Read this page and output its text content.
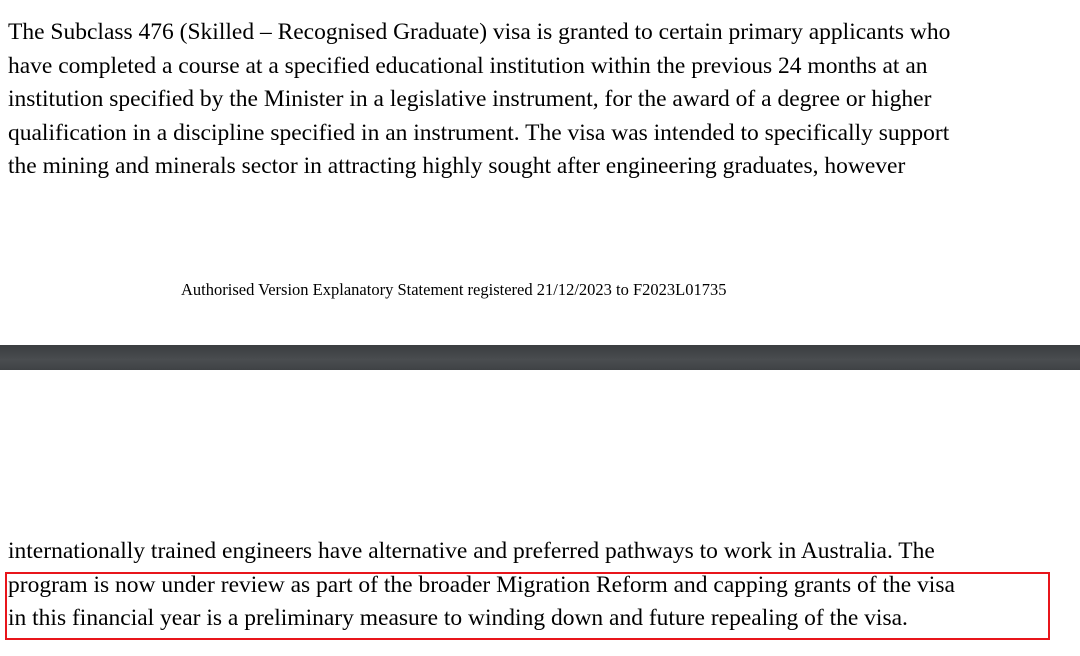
The Subclass 476 (Skilled – Recognised Graduate) visa is granted to certain primary applicants who
have completed a course at a specified educational institution within the previous 24 months at an
institution specified by the Minister in a legislative instrument, for the award of a degree or higher
qualification in a discipline specified in an instrument. The visa was intended to specifically support
the mining and minerals sector in attracting highly sought after engineering graduates, however

Authorised Version Explanatory Statement registered 21/12/2023 to F2023L01735

internationally trained engineers have alternative and preferred pathways to work in Australia. The
program is now under review as part of the broader Migration Reform and capping grants of the visa
in this financial year is a preliminary measure to winding down and future repealing of the visa.
